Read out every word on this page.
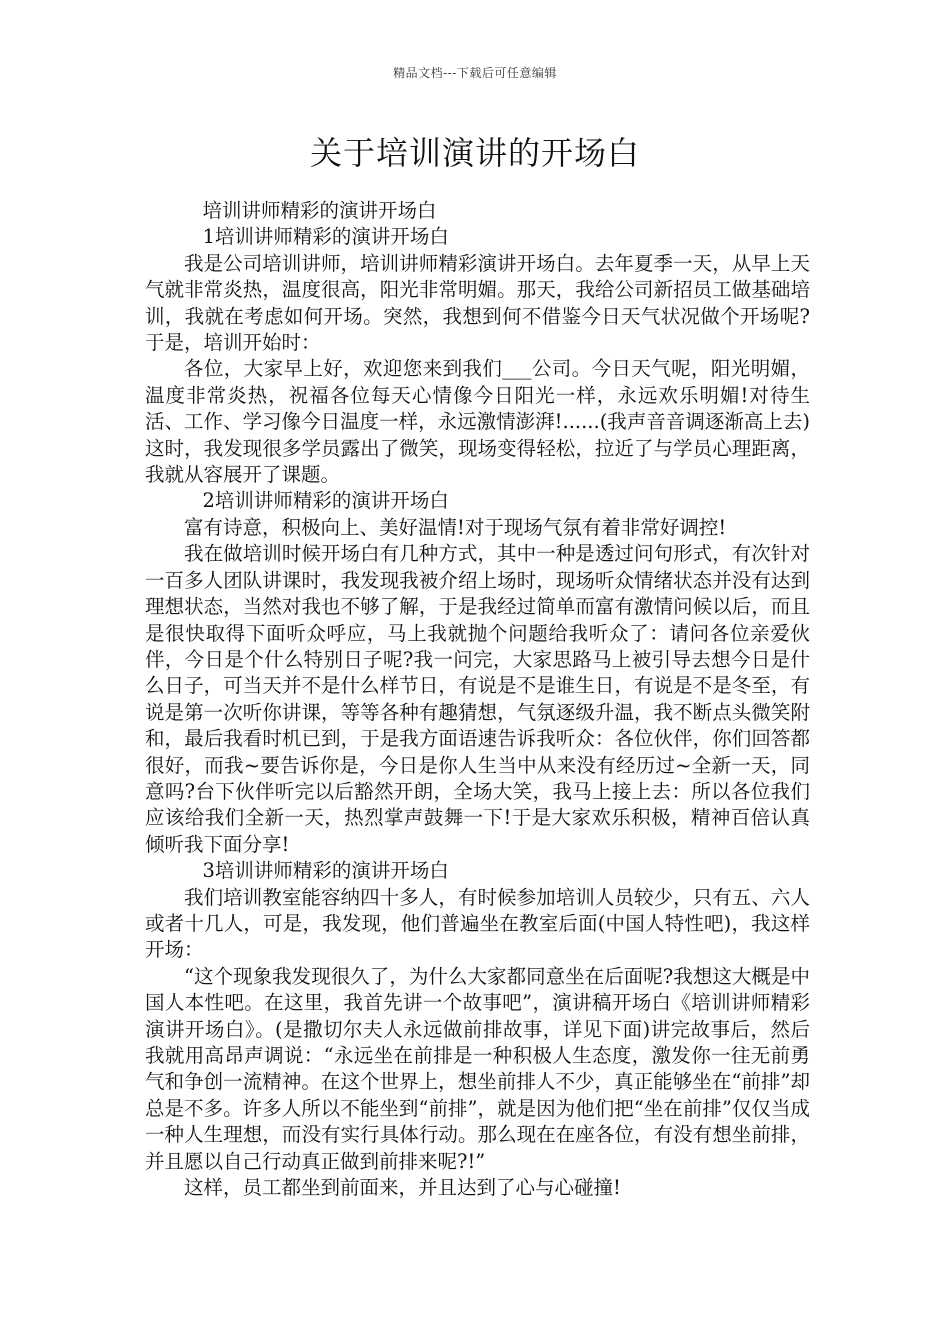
精品文档---下载后可任意编辑
关于培训演讲的开场白

培训讲师精彩的演讲开场白

1培训讲师精彩的演讲开场白

我是公司培训讲师，培训讲师精彩演讲开场白。去年夏季一天，从早上天气就非常炎热，温度很高，阳光非常明媚。那天，我给公司新招员工做基础培训，我就在考虑如何开场。突然，我想到何不借鉴今日天气状况做个开场呢?于是，培训开始时：

各位，大家早上好，欢迎您来到我们___公司。今日天气呢，阳光明媚，温度非常炎热，祝福各位每天心情像今日阳光一样，永远欢乐明媚!对待生活、工作、学习像今日温度一样，永远激情澎湃!......(我声音音调逐渐高上去)这时，我发现很多学员露出了微笑，现场变得轻松，拉近了与学员心理距离，我就从容展开了课题。

2培训讲师精彩的演讲开场白

富有诗意，积极向上、美好温情!对于现场气氛有着非常好调控!

我在做培训时候开场白有几种方式，其中一种是透过问句形式，有次针对一百多人团队讲课时，我发现我被介绍上场时，现场听众情绪状态并没有达到理想状态，当然对我也不够了解，于是我经过简单而富有激情问候以后，而且是很快取得下面听众呼应，马上我就抛个问题给我听众了：请问各位亲爱伙伴，今日是个什么特别日子呢?我一问完，大家思路马上被引导去想今日是什么日子，可当天并不是什么样节日，有说是不是谁生日，有说是不是冬至，有说是第一次听你讲课，等等各种有趣猜想，气氛逐级升温，我不断点头微笑附和，最后我看时机已到，于是我方面语速告诉我听众：各位伙伴，你们回答都很好，而我~要告诉你是，今日是你人生当中从来没有经历过~全新一天，同意吗?台下伙伴听完以后豁然开朗，全场大笑，我马上接上去：所以各位我们应该给我们全新一天，热烈掌声鼓舞一下!于是大家欢乐积极，精神百倍认真倾听我下面分享!

3培训讲师精彩的演讲开场白

我们培训教室能容纳四十多人，有时候参加培训人员较少，只有五、六人或者十几人，可是，我发现，他们普遍坐在教室后面(中国人特性吧)，我这样开场：

“这个现象我发现很久了，为什么大家都同意坐在后面呢?我想这大概是中国人本性吧。在这里，我首先讲一个故事吧”，演讲稿开场白《培训讲师精彩演讲开场白》。(是撒切尔夫人永远做前排故事，详见下面)讲完故事后，然后我就用高昂声调说：“永远坐在前排是一种积极人生态度，激发你一往无前勇气和争创一流精神。在这个世界上，想坐前排人不少，真正能够坐在“前排”却总是不多。许多人所以不能坐到“前排”，就是因为他们把“坐在前排”仅仅当成一种人生理想，而没有实行具体行动。那么现在在座各位，有没有想坐前排，并且愿以自己行动真正做到前排来呢?!”

这样，员工都坐到前面来，并且达到了心与心碰撞!
